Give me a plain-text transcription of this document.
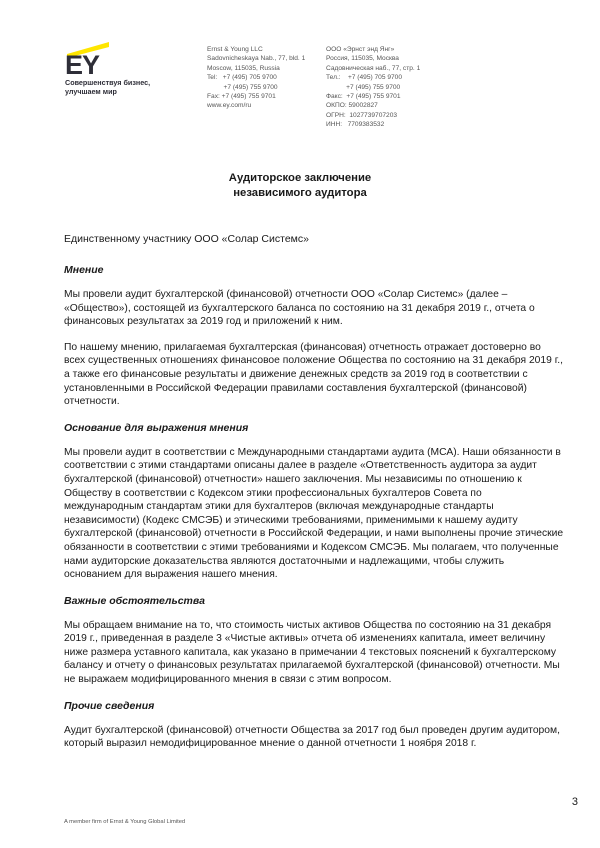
EY
Совершенствуя бизнес,
улучшаем мир
Ernst & Young LLC
Sadovnicheskaya Nab., 77, bld. 1
Moscow, 115035, Russia
Tel:   +7 (495) 705 9700
+7 (495) 755 9700
Fax: +7 (495) 755 9701
www.ey.com/ru
ООО «Эрнст энд Янг»
Россия, 115035, Москва
Садовническая наб., 77, стр. 1
Тел.:    +7 (495) 705 9700
+7 (495) 755 9700
Факс:  +7 (495) 755 9701
ОКПО: 59002827
ОГРН:  1027739707203
ИНН:   7709383532
Аудиторское заключение
независимого аудитора
Единственному участнику ООО «Солар Системс»
Мнение

Мы провели аудит бухгалтерской (финансовой) отчетности ООО «Солар Системс» (далее – «Общество»), состоящей из бухгалтерского баланса по состоянию на 31 декабря 2019 г., отчета о финансовых результатах за 2019 год и приложений к ним.

По нашему мнению, прилагаемая бухгалтерская (финансовая) отчетность отражает достоверно во всех существенных отношениях финансовое положение Общества по состоянию на 31 декабря 2019 г., а также его финансовые результаты и движение денежных средств за 2019 год в соответствии с установленными в Российской Федерации правилами составления бухгалтерской (финансовой) отчетности.

Основание для выражения мнения

Мы провели аудит в соответствии с Международными стандартами аудита (МСА). Наши обязанности в соответствии с этими стандартами описаны далее в разделе «Ответственность аудитора за аудит бухгалтерской (финансовой) отчетности» нашего заключения. Мы независимы по отношению к Обществу в соответствии с Кодексом этики профессиональных бухгалтеров Совета по международным стандартам этики для бухгалтеров (включая международные стандарты независимости) (Кодекс СМСЭБ) и этическими требованиями, применимыми к нашему аудиту бухгалтерской (финансовой) отчетности в Российской Федерации, и нами выполнены прочие этические обязанности в соответствии с этими требованиями и Кодексом СМСЭБ. Мы полагаем, что полученные нами аудиторские доказательства являются достаточными и надлежащими, чтобы служить основанием для выражения нашего мнения.

Важные обстоятельства

Мы обращаем внимание на то, что стоимость чистых активов Общества по состоянию на 31 декабря 2019 г., приведенная в разделе 3 «Чистые активы» отчета об изменениях капитала, имеет величину ниже размера уставного капитала, как указано в примечании 4 текстовых пояснений к бухгалтерскому балансу и отчету о финансовых результатах прилагаемой бухгалтерской (финансовой) отчетности. Мы не выражаем модифицированного мнения в связи с этим вопросом.

Прочие сведения

Аудит бухгалтерской (финансовой) отчетности Общества за 2017 год был проведен другим аудитором, который выразил немодифицированное мнение о данной отчетности 1 ноября 2018 г.

3
A member firm of Ernst & Young Global Limited
